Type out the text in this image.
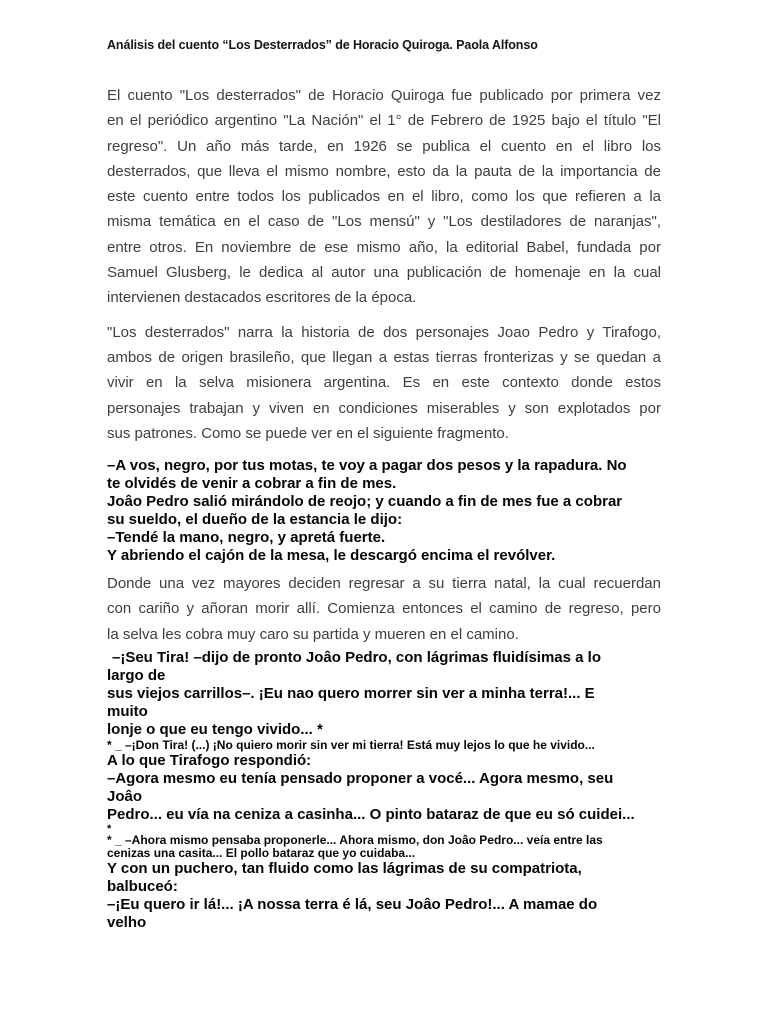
Análisis del cuento “Los Desterrados” de Horacio Quiroga. Paola Alfonso
El cuento "Los desterrados" de Horacio Quiroga fue publicado por primera vez
en el periódico argentino "La Nación" el 1° de Febrero de 1925 bajo el título "El
regreso". Un año más tarde, en 1926 se publica el cuento en el libro los
desterrados, que lleva el mismo nombre, esto da la pauta de la importancia de
este cuento entre todos los publicados en el libro, como los que refieren a la
misma temática en el caso de "Los mensú" y "Los destiladores de naranjas",
entre otros. En noviembre de ese mismo año, la editorial Babel, fundada por
Samuel Glusberg, le dedica al autor una publicación de homenaje en la cual
intervienen destacados escritores de la época.
"Los desterrados" narra la historia de dos personajes Joao Pedro y Tirafogo,
ambos de origen brasileño, que llegan a estas tierras fronterizas y se quedan a
vivir en la selva misionera argentina. Es en este contexto donde estos
personajes trabajan y viven en condiciones miserables y son explotados por
sus patrones. Como se puede ver en el siguiente fragmento.
–A vos, negro, por tus motas, te voy a pagar dos pesos y la rapadura. No
te olvidés de venir a cobrar a fin de mes.
Joâo Pedro salió mirándolo de reojo; y cuando a fin de mes fue a cobrar
su sueldo, el dueño de la estancia le dijo:
–Tendé la mano, negro, y apretá fuerte.
Y abriendo el cajón de la mesa, le descargó encima el revólver.
Donde una vez mayores deciden regresar a su tierra natal, la cual recuerdan
con cariño y añoran morir allí. Comienza entonces el camino de regreso, pero
la selva les cobra muy caro su partida y mueren en el camino.
–¡Seu Tira! –dijo de pronto Joâo Pedro, con lágrimas fluidísimas a lo
largo de
sus viejos carrillos–. ¡Eu nao quero morrer sin ver a minha terra!... E
muito
lonje o que eu tengo vivido... *
* _ –¡Don Tira! (...) ¡No quiero morir sin ver mi tierra! Está muy lejos lo que he vivido...
A lo que Tirafogo respondió:
–Agora mesmo eu tenía pensado proponer a vocé... Agora mesmo, seu
Joâo
Pedro... eu vía na ceniza a casinha... O pinto bataraz de que eu só cuidei...
*
* _ –Ahora mismo pensaba proponerle... Ahora mismo, don Joâo Pedro... veía entre las
cenizas una casita... El pollo bataraz que yo cuidaba...
Y con un puchero, tan fluido como las lágrimas de su compatriota,
balbuceó:
–¡Eu quero ir lá!... ¡A nossa terra é lá, seu Joâo Pedro!... A mamae do
velho
